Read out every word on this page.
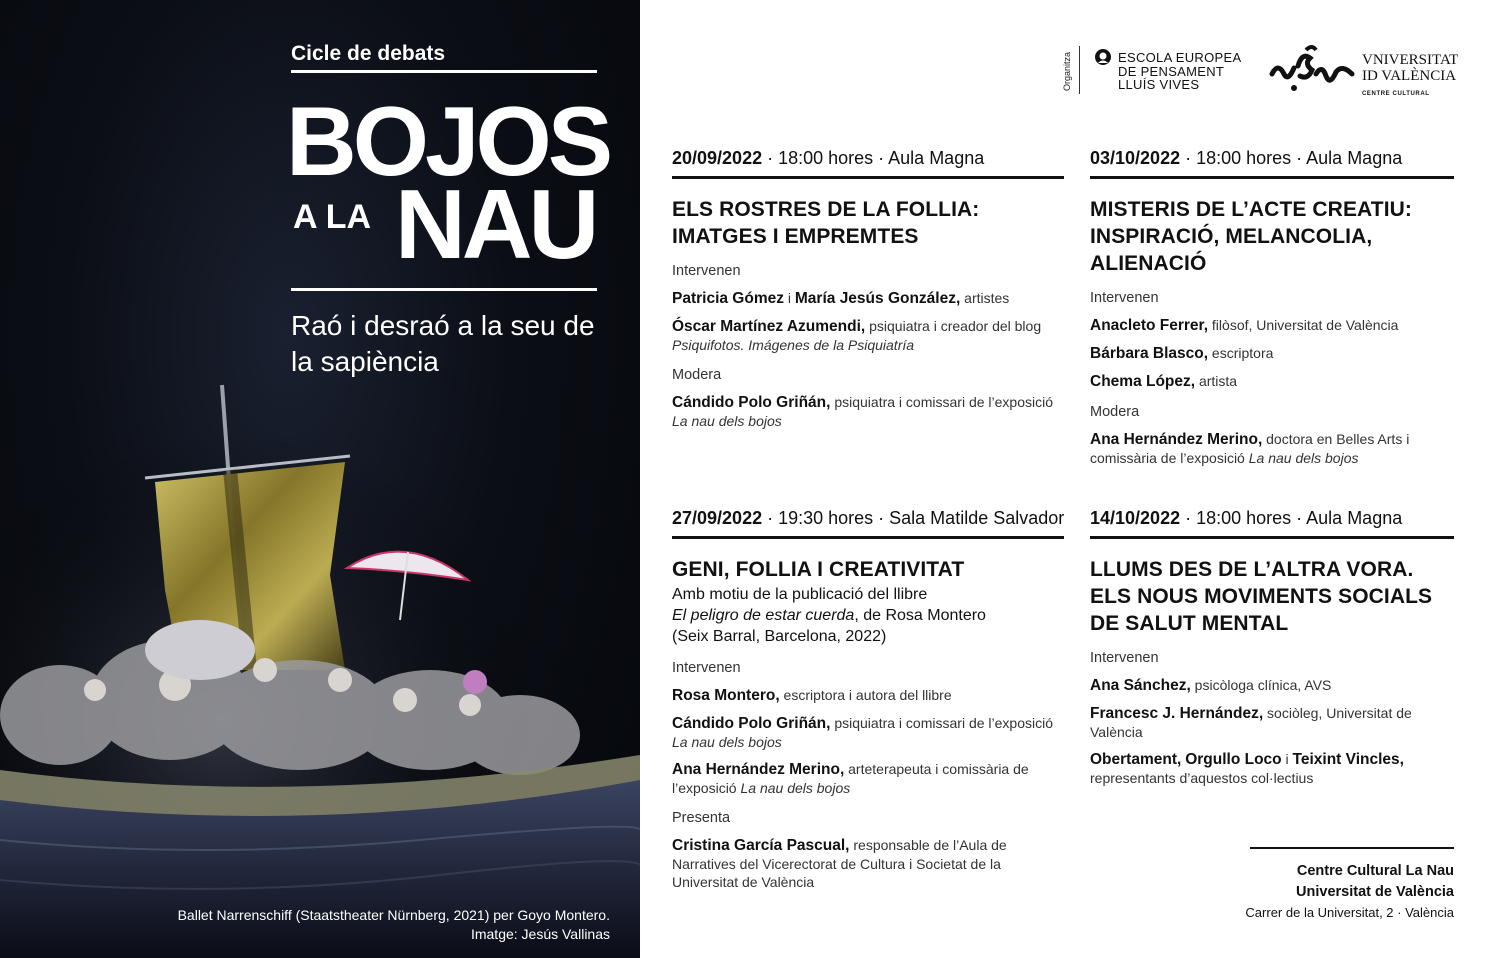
Cicle de debats
BOJOS
A LA NAU
Raó i desraó a la seu de la sapiència
Ballet Narrenschiff (Staatstheater Nürnberg, 2021) per Goyo Montero.
Imatge: Jesús Vallinas
Organitza	ESCOLA EUROPEA
DE PENSAMENT
LLUÍS VIVES
VNIVERSITAT
ID VALÈNCIA
CENTRE CULTURAL
20/09/2022 · 18:00 hores · Aula Magna
ELS ROSTRES DE LA FOLLIA:
IMATGES I EMPREMTES
Intervenen
Patricia Gómez i María Jesús González, artistes
Óscar Martínez Azumendi, psiquiatra i creador del blog Psiquifotos. Imágenes de la Psiquiatría
Modera
Cándido Polo Griñán, psiquiatra i comissari de l’exposició La nau dels bojos
03/10/2022 · 18:00 hores · Aula Magna
MISTERIS DE L’ACTE CREATIU:
INSPIRACIÓ, MELANCOLIA,
ALIENACIÓ
Intervenen
Anacleto Ferrer, filòsof, Universitat de València
Bárbara Blasco, escriptora
Chema López, artista
Modera
Ana Hernández Merino, doctora en Belles Arts i comissària de l’exposició La nau dels bojos
27/09/2022 · 19:30 hores · Sala Matilde Salvador
GENI, FOLLIA I CREATIVITAT
Amb motiu de la publicació del llibre
El peligro de estar cuerda, de Rosa Montero
(Seix Barral, Barcelona, 2022)
Intervenen
Rosa Montero, escriptora i autora del llibre
Cándido Polo Griñán, psiquiatra i comissari de l’exposició La nau dels bojos
Ana Hernández Merino, arteterapeuta i comissària de l’exposició La nau dels bojos
Presenta
Cristina García Pascual, responsable de l’Aula de Narratives del Vicerectorat de Cultura i Societat de la Universitat de València
14/10/2022 · 18:00 hores · Aula Magna
LLUMS DES DE L’ALTRA VORA.
ELS NOUS MOVIMENTS SOCIALS
DE SALUT MENTAL
Intervenen
Ana Sánchez, psicòloga clínica, AVS
Francesc J. Hernández, sociòleg, Universitat de València
Obertament, Orgullo Loco i Teixint Vincles, representants d’aquestos col·lectius
Centre Cultural La Nau
Universitat de València
Carrer de la Universitat, 2 · València
